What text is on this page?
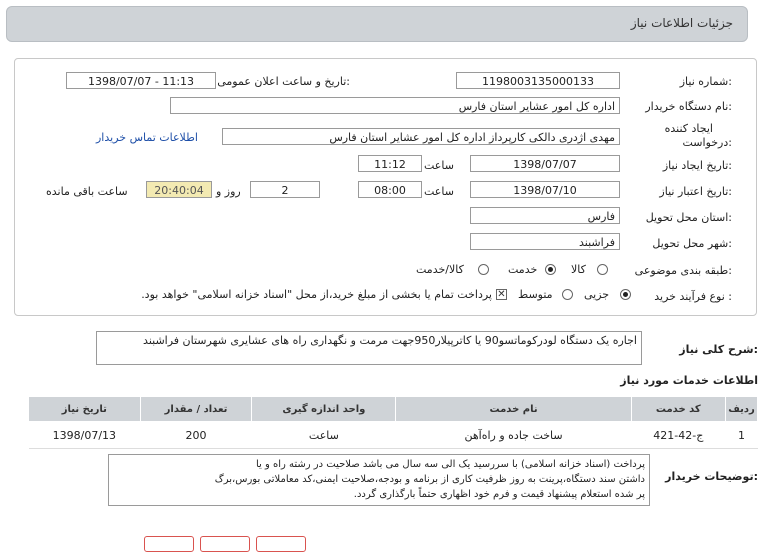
جزئیات اطلاعات نیاز
شماره نیاز:
1198003135000133
تاریخ و ساعت اعلان عمومی:
1398/07/07 - 11:13
نام دستگاه خریدار:
اداره کل امور عشایر استان فارس
ایجاد کننده
درخواست:
مهدی اژدری دالکی کارپرداز اداره کل امور عشایر استان فارس
اطلاعات تماس خریدار
تاریخ ایجاد نیاز:
1398/07/07
ساعت
11:12
تاریخ اعتبار نیاز:
1398/07/10
ساعت
08:00
2
روز و
20:40:04
ساعت باقی مانده
استان محل تحویل:
فارس
شهر محل تحویل:
فراشبند
طبقه بندی موضوعی:
کالا
خدمت
کالا/خدمت
نوع فرآیند خرید :
جزیی
متوسط
✕
پرداخت تمام یا بخشی از مبلغ خرید،از محل "اسناد خزانه اسلامی" خواهد بود.
شرح کلی نیاز:
اجاره یک دستگاه لودرکوماتسو90 یا کاترپیلار950جهت مرمت و نگهداری راه های عشایری شهرستان فراشبند
اطلاعات خدمات مورد نیاز
ردیف	کد خدمت	نام خدمت	واحد اندازه گیری	تعداد / مقدار	تاریخ نیاز
1	ج-42-421	ساخت جاده و راه‌آهن	ساعت	200	1398/07/13
توضیحات خریدار:
پرداخت (اسناد خزانه اسلامی) با سررسید یک الی سه سال می باشد صلاحیت در رشته راه و یا
داشتن سند دستگاه،پرینت به روز ظرفیت کاری از برنامه و بودجه،صلاحیت ایمنی،کد معاملاتی بورس،برگ
پر شده استعلام پیشنهاد قیمت و فرم خود اظهاری حتماً بارگذاری گردد.
